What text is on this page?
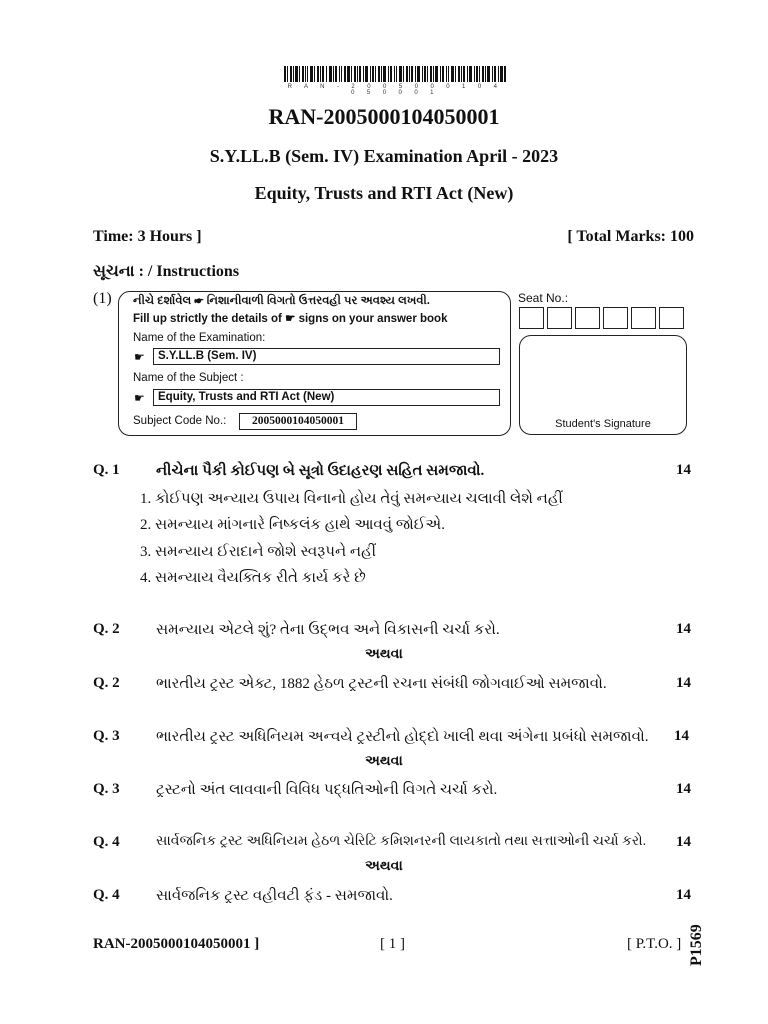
R A N - 2 0 0 5 0 0 0 1 0 4 0 5 0 0 0 1
RAN-2005000104050001
S.Y.LL.B (Sem. IV) Examination April - 2023
Equity, Trusts and RTI Act (New)
Time: 3 Hours ]	[ Total Marks: 100
સૂચના : / Instructions
(1) નીચે દર્શાવેલ ☛ નિશાનીવાળી વિગતો ઉત્તરવહી પર અવશ્ય લખવી.
Fill up strictly the details of ☛ signs on your answer book
Name of the Examination:
☛	S.Y.LL.B (Sem. IV)
Name of the Subject :
☛	Equity, Trusts and RTI Act (New)
Subject Code No.:	2005000104050001
Seat No.:
Student's Signature
Q. 1 નીચેના પૈકી કોઈપણ બે સૂત્રો ઉદાહરણ સહિત સમજાવો.	14
1. કોઈપણ અન્યાય ઉપાય વિનાનો હોય તેવું સમન્યાય ચલાવી લેશે નહીં
2. સમન્યાય માંગનારે નિષ્કલંક હાથે આવવું જોઈએ.
3. સમન્યાય ઈરાદાને જોશે સ્વરૂપને નહીં
4. સમન્યાય વૈયક્તિક રીતે કાર્ય કરે છે
Q. 2 સમન્યાય એટલે શું? તેના ઉદ્ભવ અને વિકાસની ચર્ચા કરો.	14
અથવા
Q. 2 ભારતીય ટ્રસ્ટ એક્ટ, 1882 હેઠળ ટ્રસ્ટની રચના સંબંધી જોગવાઈઓ સમજાવો.	14
Q. 3 ભારતીય ટ્રસ્ટ અધિનિયમ અન્વયે ટ્રસ્ટીનો હોદ્દો ખાલી થવા અંગેના પ્રબંધો સમજાવો. 14
અથવા
Q. 3 ટ્રસ્ટનો અંત લાવવાની વિવિધ પદ્ધતિઓની વિગતે ચર્ચા કરો.	14
Q. 4	સાર્વજનિક ટ્રસ્ટ અધિનિયમ હેઠળ ચેરિટિ કમિશનરની લાયકાતો તથા સત્તાઓની ચર્ચા કરો. 14
અથવા
Q. 4 સાર્વજનિક ટ્રસ્ટ વહીવટી ફંડ - સમજાવો.	14
RAN-2005000104050001 ]	[ 1 ]	[ P.T.O. ] P1569
